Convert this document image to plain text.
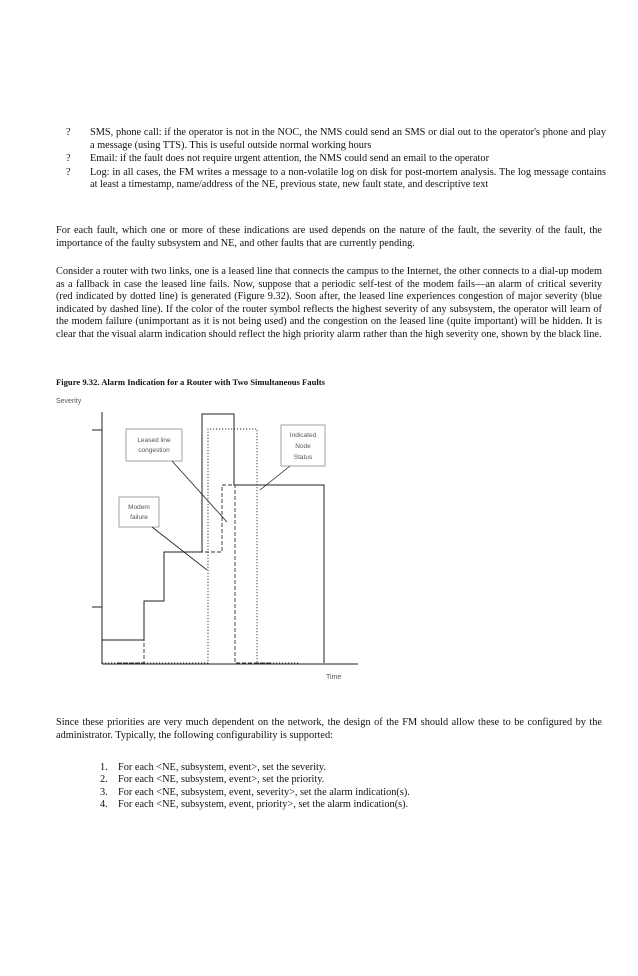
? SMS, phone call: if the operator is not in the NOC, the NMS could send an SMS or dial out to the operator's phone and play a message (using TTS). This is useful outside normal working hours
? Email: if the fault does not require urgent attention, the NMS could send an email to the operator
? Log: in all cases, the FM writes a message to a non-volatile log on disk for post-mortem analysis. The log message contains at least a timestamp, name/address of the NE, previous state, new fault state, and descriptive text

For each fault, which one or more of these indications are used depends on the nature of the fault, the severity of the fault, the importance of the faulty subsystem and NE, and other faults that are currently pending.

Consider a router with two links, one is a leased line that connects the campus to the Internet, the other connects to a dial-up modem as a fallback in case the leased line fails. Now, suppose that a periodic self-test of the modem fails—an alarm of critical severity (red indicated by dotted line) is generated (Figure 9.32). Soon after, the leased line experiences congestion of major severity (blue indicated by dashed line). If the color of the router symbol reflects the highest severity of any subsystem, the operator will learn of the modem failure (unimportant as it is not being used) and the congestion on the leased line (quite important) will be hidden. It is clear that the visual alarm indication should reflect the high priority alarm rather than the high severity one, shown by the black line.

Figure 9.32. Alarm Indication for a Router with Two Simultaneous Faults

Severity
Time
Leased line
congestion
Indicated
Node
Status
Modem
failure

Since these priorities are very much dependent on the network, the design of the FM should allow these to be configured by the administrator. Typically, the following configurability is supported:

1. For each <NE, subsystem, event>, set the severity.
2. For each <NE, subsystem, event>, set the priority.
3. For each <NE, subsystem, event, severity>, set the alarm indication(s).
4. For each <NE, subsystem, event, priority>, set the alarm indication(s).
